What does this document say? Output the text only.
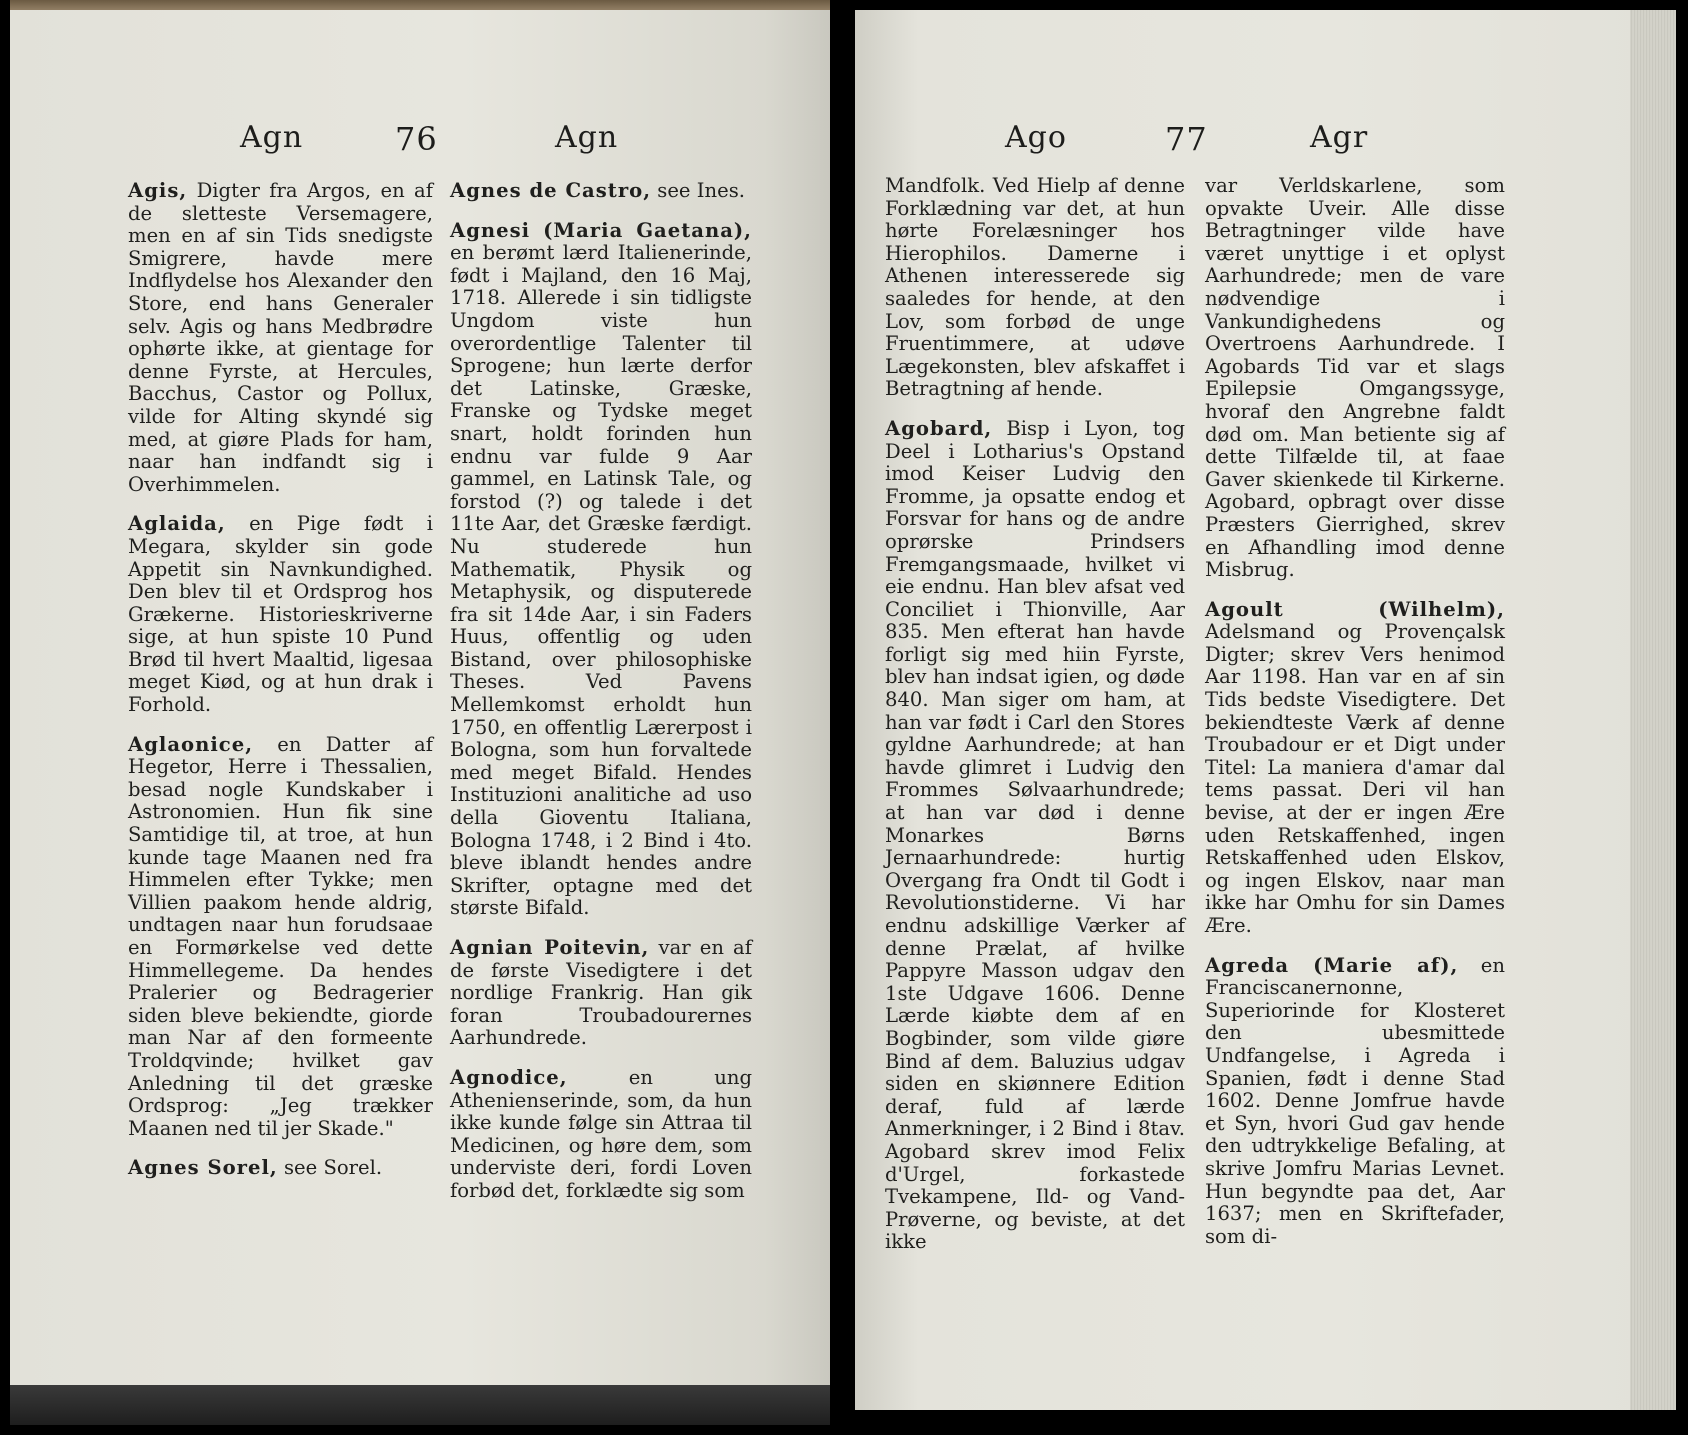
Agn	76	Agn

Agis, Digter fra Argos, en af de sletteste Versemagere, men en af sin Tids snedigste Smigrere, havde mere Indflydelse hos Alexander den Store, end hans Generaler selv. Agis og hans Medbrødre ophørte ikke, at gientage for denne Fyrste, at Hercules, Bacchus, Castor og Pollux, vilde for Alting skyndé sig med, at giøre Plads for ham, naar han indfandt sig i Overhimmelen.

Aglaida, en Pige født i Megara, skylder sin gode Appetit sin Navnkundighed. Den blev til et Ordsprog hos Grækerne. Historieskriverne sige, at hun spiste 10 Pund Brød til hvert Maaltid, ligesaa meget Kiød, og at hun drak i Forhold.

Aglaonice, en Datter af Hegetor, Herre i Thessalien, besad nogle Kundskaber i Astronomien. Hun fik sine Samtidige til, at troe, at hun kunde tage Maanen ned fra Himmelen efter Tykke; men Villien paakom hende aldrig, undtagen naar hun forudsaae en Formørkelse ved dette Himmellegeme. Da hendes Pralerier og Bedragerier siden bleve bekiendte, giorde man Nar af den formeente Troldqvinde; hvilket gav Anledning til det græske Ordsprog: „Jeg trækker Maanen ned til jer Skade."

Agnes Sorel, see Sorel.

Agnes de Castro, see Ines.

Agnesi (Maria Gaetana), en berømt lærd Italienerinde, født i Majland, den 16 Maj, 1718. Allerede i sin tidligste Ungdom viste hun overordentlige Talenter til Sprogene; hun lærte derfor det Latinske, Græske, Franske og Tydske meget snart, holdt forinden hun endnu var fulde 9 Aar gammel, en Latinsk Tale, og forstod (?) og talede i det 11te Aar, det Græske færdigt. Nu studerede hun Mathematik, Physik og Metaphysik, og disputerede fra sit 14de Aar, i sin Faders Huus, offentlig og uden Bistand, over philosophiske Theses. Ved Pavens Mellemkomst erholdt hun 1750, en offentlig Lærerpost i Bologna, som hun forvaltede med meget Bifald. Hendes Instituzioni analitiche ad uso della Gioventu Italiana, Bologna 1748, i 2 Bind i 4to. bleve iblandt hendes andre Skrifter, optagne med det største Bifald.

Agnian Poitevin, var en af de første Visedigtere i det nordlige Frankrig. Han gik foran Troubadourernes Aarhundrede.

Agnodice,	en ung Athenienserinde, som, da hun ikke kunde følge sin Attraa til Medicinen, og høre dem, som underviste deri, fordi Loven forbød det, forklædte sig som

Ago	77	Agr

Mandfolk. Ved Hielp af denne Forklædning var det, at hun hørte Forelæsninger hos Hierophilos. Damerne i Athenen interesserede sig saaledes for hende, at den Lov, som forbød de unge Fruentimmere, at udøve Lægekonsten, blev afskaffet i Betragtning af hende.

Agobard, Bisp i Lyon, tog Deel i Lotharius's Opstand imod Keiser Ludvig den Fromme, ja opsatte endog et Forsvar for hans og de andre oprørske Prindsers Fremgangsmaade, hvilket vi eie endnu. Han blev afsat ved Conciliet i Thionville, Aar 835. Men efterat han havde forligt sig med hiin Fyrste, blev han indsat igien, og døde 840. Man siger om ham, at han var født i Carl den Stores gyldne Aarhundrede; at han havde glimret i Ludvig den Frommes Sølvaarhundrede; at han var død i denne Monarkes Børns Jernaarhundrede: hurtig Overgang fra Ondt til Godt i Revolutionstiderne. Vi har endnu adskillige Værker af denne Prælat, af hvilke Pappyre Masson udgav den 1ste Udgave 1606. Denne Lærde kiøbte dem af en Bogbinder, som vilde giøre Bind af dem. Baluzius udgav siden en skiønnere Edition deraf, fuld af lærde Anmerkninger, i 2 Bind i 8tav. Agobard skrev imod Felix d'Urgel, forkastede Tvekampene, Ild- og Vand-Prøverne, og beviste, at det ikke

var Verldskarlene, som opvakte Uveir. Alle disse Betragtninger vilde have været unyttige i et oplyst Aarhundrede; men de vare nødvendige i Vankundighedens og Overtroens Aarhundrede. I Agobards Tid var et slags Epilepsie Omgangssyge, hvoraf den Angrebne faldt død om. Man betiente sig af dette Tilfælde til, at faae Gaver skienkede til Kirkerne. Agobard, opbragt over disse Præsters Gierrighed, skrev en Afhandling imod denne Misbrug.

Agoult (Wilhelm), Adelsmand og Provençalsk Digter; skrev Vers henimod Aar 1198. Han var en af sin Tids bedste Visedigtere. Det bekiendteste Værk af denne Troubadour er et Digt under Titel: La maniera d'amar dal tems passat. Deri vil han bevise, at der er ingen Ære uden Retskaffenhed, ingen Retskaffenhed uden Elskov, og ingen Elskov, naar man ikke har Omhu for sin Dames Ære.

Agreda (Marie af), en Franciscanernonne, Superiorinde for Klosteret den ubesmittede Undfangelse, i Agreda i Spanien, født i denne Stad 1602. Denne Jomfrue havde et Syn, hvori Gud gav hende den udtrykkelige Befaling, at skrive Jomfru Marias Levnet. Hun begyndte paa det, Aar 1637; men en Skriftefader, som di-
